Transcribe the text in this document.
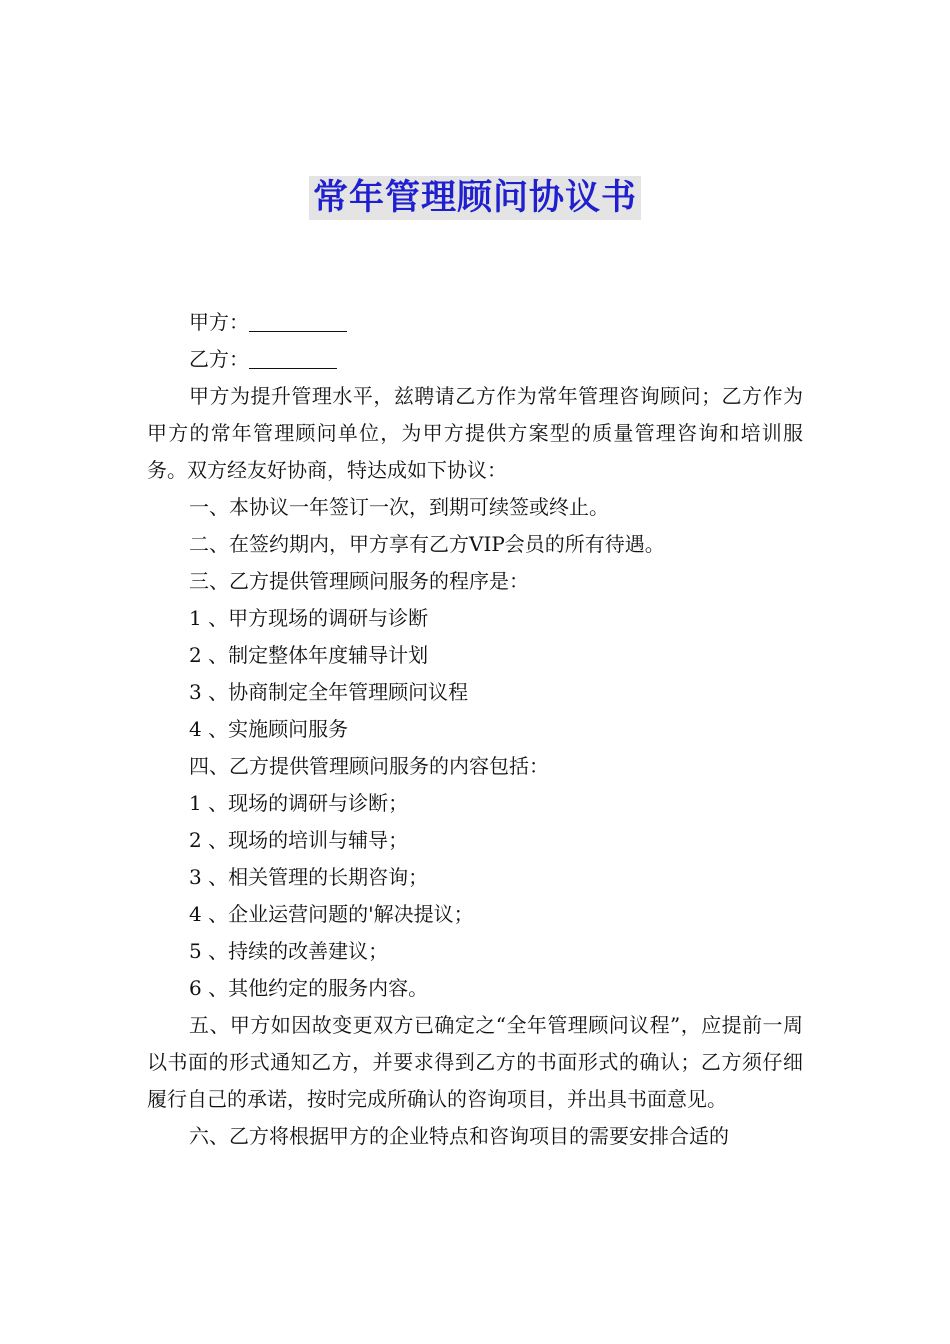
常年管理顾问协议书

甲方：

乙方：

甲方为提升管理水平，兹聘请乙方作为常年管理咨询顾问；乙方作为甲方的常年管理顾问单位，为甲方提供方案型的质量管理咨询和培训服务。双方经友好协商，特达成如下协议：

一、本协议一年签订一次，到期可续签或终止。

二、在签约期内，甲方享有乙方VIP会员的所有待遇。

三、乙方提供管理顾问服务的程序是：

1 、甲方现场的调研与诊断

2 、制定整体年度辅导计划

3 、协商制定全年管理顾问议程

4 、实施顾问服务

四、乙方提供管理顾问服务的内容包括：

1 、现场的调研与诊断；

2 、现场的培训与辅导；

3 、相关管理的长期咨询；

4 、企业运营问题的'解决提议；

5 、持续的改善建议；

6 、其他约定的服务内容。

五、甲方如因故变更双方已确定之“全年管理顾问议程”，应提前一周以书面的形式通知乙方，并要求得到乙方的书面形式的确认；乙方须仔细履行自己的承诺，按时完成所确认的咨询项目，并出具书面意见。

六、乙方将根据甲方的企业特点和咨询项目的需要安排合适的
